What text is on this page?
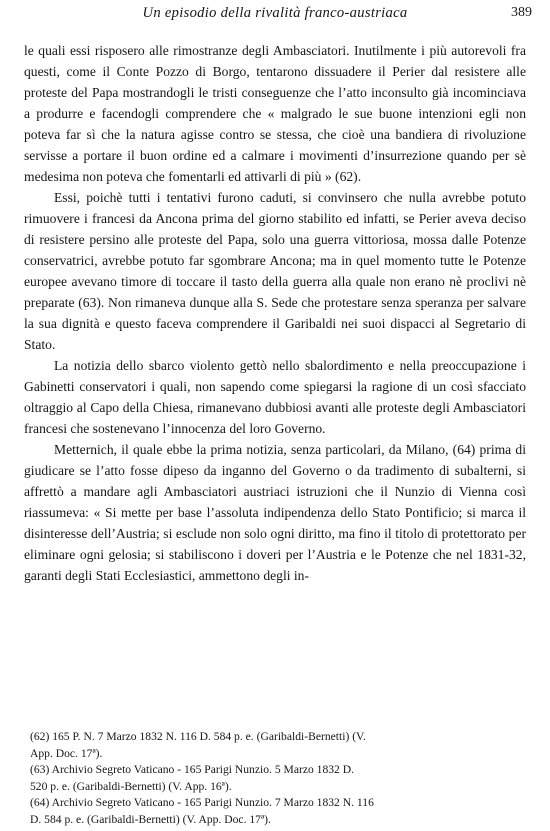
Un episodio della rivalità franco-austriaca	389

le quali essi risposero alle rimostranze degli Ambasciatori. Inutilmente i più autorevoli fra questi, come il Conte Pozzo di Borgo, tentarono dissuadere il Perier dal resistere alle proteste del Papa mostrandogli le tristi conseguenze che l’atto inconsulto già incominciava a produrre e facendogli comprendere che « malgrado le sue buone intenzioni egli non poteva far sì che la natura agisse contro se stessa, che cioè una bandiera di rivoluzione servisse a portare il buon ordine ed a calmare i movimenti d’insurrezione quando per sè medesima non poteva che fomentarli ed attivarli di più » (62).

Essi, poichè tutti i tentativi furono caduti, si convinsero che nulla avrebbe potuto rimuovere i francesi da Ancona prima del giorno stabilito ed infatti, se Perier aveva deciso di resistere persino alle proteste del Papa, solo una guerra vittoriosa, mossa dalle Potenze conservatrici, avrebbe potuto far sgombrare Ancona; ma in quel momento tutte le Potenze europee avevano timore di toccare il tasto della guerra alla quale non erano nè proclivi nè preparate (63). Non rimaneva dunque alla S. Sede che protestare senza speranza per salvare la sua dignità e questo faceva comprendere il Garibaldi nei suoi dispacci al Segretario di Stato.

La notizia dello sbarco violento gettò nello sbalordimento e nella preoccupazione i Gabinetti conservatori i quali, non sapendo come spiegarsi la ragione di un così sfacciato oltraggio al Capo della Chiesa, rimanevano dubbiosi avanti alle proteste degli Ambasciatori francesi che sostenevano l’innocenza del loro Governo.

Metternich, il quale ebbe la prima notizia, senza particolari, da Milano, (64) prima di giudicare se l’atto fosse dipeso da inganno del Governo o da tradimento di subalterni, si affrettò a mandare agli Ambasciatori austriaci istruzioni che il Nunzio di Vienna così riassumeva: « Si mette per base l’assoluta indipendenza dello Stato Pontificio; si marca il disinteresse dell’Austria; si esclude non solo ogni diritto, ma fino il titolo di protettorato per eliminare ogni gelosia; si stabiliscono i doveri per l’Austria e le Potenze che nel 1831-32, garanti degli Stati Ecclesiastici, ammettono degli in-

(62) 165 P. N. 7 Marzo 1832 N. 116 D. 584 p. e. (Garibaldi-Bernetti) (V.
App. Doc. 17ª).
(63) Archivio Segreto Vaticano - 165 Parigi Nunzio. 5 Marzo 1832 D.
520 p. e. (Garibaldi-Bernetti) (V. App. 16ª).
(64) Archivio Segreto Vaticano - 165 Parigi Nunzio. 7 Marzo 1832 N. 116
D. 584 p. e. (Garibaldi-Bernetti) (V. App. Doc. 17ª).
